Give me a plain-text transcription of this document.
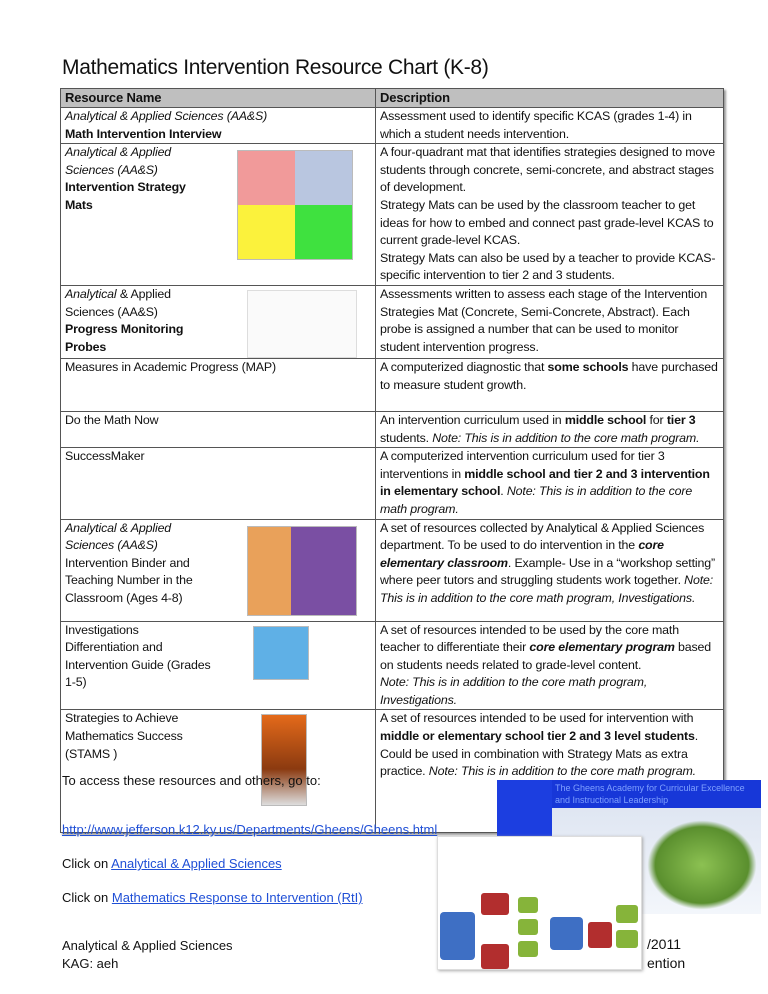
Mathematics Intervention Resource Chart (K-8)
Resource Name	Description

Analytical & Applied Sciences (AA&S)
Math Intervention Interview	Assessment used to identify specific KCAS (grades 1-4) in which a student needs intervention.

Analytical & Applied Sciences (AA&S)
Intervention Strategy Mats	A four-quadrant mat that identifies strategies designed to move students through concrete, semi-concrete, and abstract stages of development.
Strategy Mats can be used by the classroom teacher to get ideas for how to embed and connect past grade-level KCAS to current grade-level KCAS.
Strategy Mats can also be used by a teacher to provide KCAS-specific intervention to tier 2 and 3 students.

Analytical & Applied Sciences (AA&S)
Progress Monitoring Probes	Assessments written to assess each stage of the Intervention Strategies Mat (Concrete, Semi-Concrete, Abstract). Each probe is assigned a number that can be used to monitor student intervention progress.

Measures in Academic Progress (MAP)	A computerized diagnostic that some schools have purchased to measure student growth.

Do the Math Now	An intervention curriculum used in middle school for tier 3 students. Note: This is in addition to the core math program.

SuccessMaker	A computerized intervention curriculum used for tier 3 interventions in middle school and tier 2 and 3 intervention in elementary school. Note: This is in addition to the core math program.

Analytical & Applied Sciences (AA&S)
Intervention Binder and Teaching Number in the Classroom (Ages 4-8)	A set of resources collected by Analytical & Applied Sciences department. To be used to do intervention in the core elementary classroom. Example- Use in a “workshop setting” where peer tutors and struggling students work together. Note: This is in addition to the core math program, Investigations.

Investigations Differentiation and Intervention Guide (Grades 1-5)	A set of resources intended to be used by the core math teacher to differentiate their core elementary program based on students needs related to grade-level content.
Note: This is in addition to the core math program, Investigations.

Strategies to Achieve Mathematics Success (STAMS )	A set of resources intended to be used for intervention with middle or elementary school tier 2 and 3 level students. Could be used in combination with Strategy Mats as extra practice. Note: This is in addition to the core math program.
To access these resources and others, go to:
http://www.jefferson.k12.ky.us/Departments/Gheens/Gheens.html
Click on Analytical & Applied Sciences
Click on Mathematics Response to Intervention (RtI)
Analytical & Applied Sciences
KAG: aeh
The Gheens Academy for Curricular Excellence and Instructional Leadership
/2011
ention
